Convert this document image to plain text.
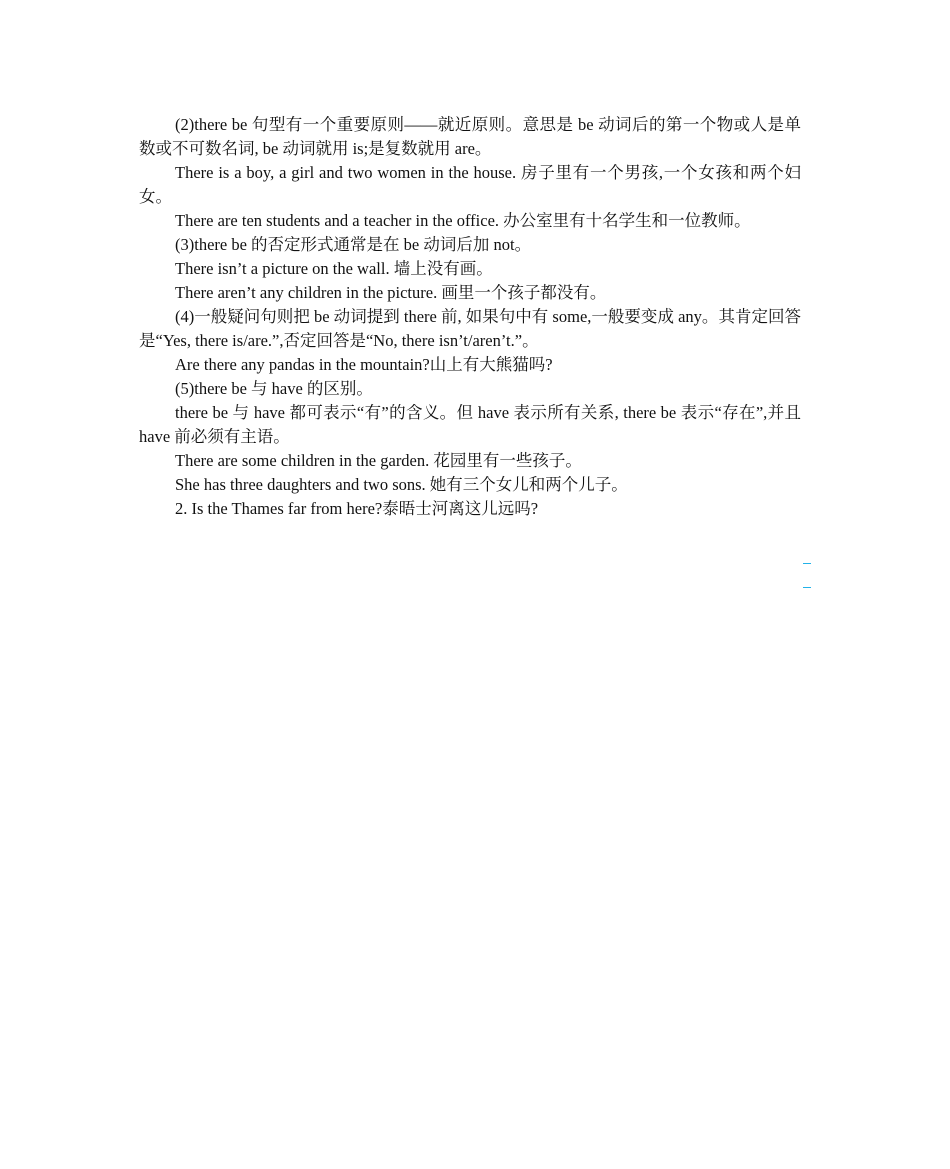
(2)there be 句型有一个重要原则——就近原则。意思是 be 动词后的第一个物或人是单数或不可数名词, be 动词就用 is;是复数就用 are。

There is a boy, a girl and two women in the house. 房子里有一个男孩,一个女孩和两个妇女。

There are ten students and a teacher in the office. 办公室里有十名学生和一位教师。

(3)there be 的否定形式通常是在 be 动词后加 not。

There isn’t a picture on the wall. 墙上没有画。

There aren’t any children in the picture. 画里一个孩子都没有。

(4)一般疑问句则把 be 动词提到 there 前, 如果句中有 some,一般要变成 any。其肯定回答是“Yes, there is/are.”,否定回答是“No, there isn’t/aren’t.”。

Are there any pandas in the mountain?山上有大熊猫吗?

(5)there be 与 have 的区别。

there be 与 have 都可表示“有”的含义。但 have 表示所有关系, there be 表示“存在”,并且 have 前必须有主语。

There are some children in the garden. 花园里有一些孩子。

She has three daughters and two sons. 她有三个女儿和两个儿子。

2. Is the Thames far from here?泰晤士河离这儿远吗?
